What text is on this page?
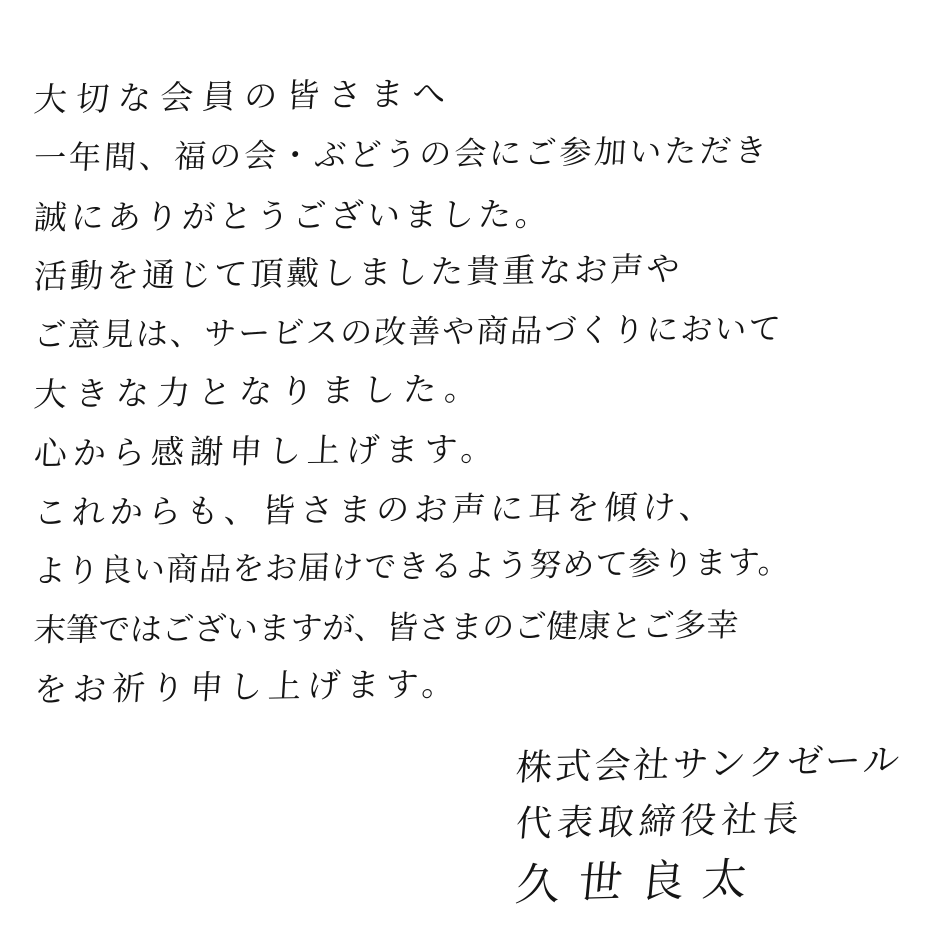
大切な会員の皆さまへ
一年間、福の会・ぶどうの会にご参加いただき
誠にありがとうございました。
活動を通じて頂戴しました貴重なお声や
ご意見は、サービスの改善や商品づくりにおいて
大きな力となりました。
心から感謝申し上げます。
これからも、皆さまのお声に耳を傾け、
より良い商品をお届けできるよう努めて参ります。
末筆ではございますが、皆さまのご健康とご多幸
をお祈り申し上げます。
株式会社サンクゼール
代表取締役社長
久世良太
